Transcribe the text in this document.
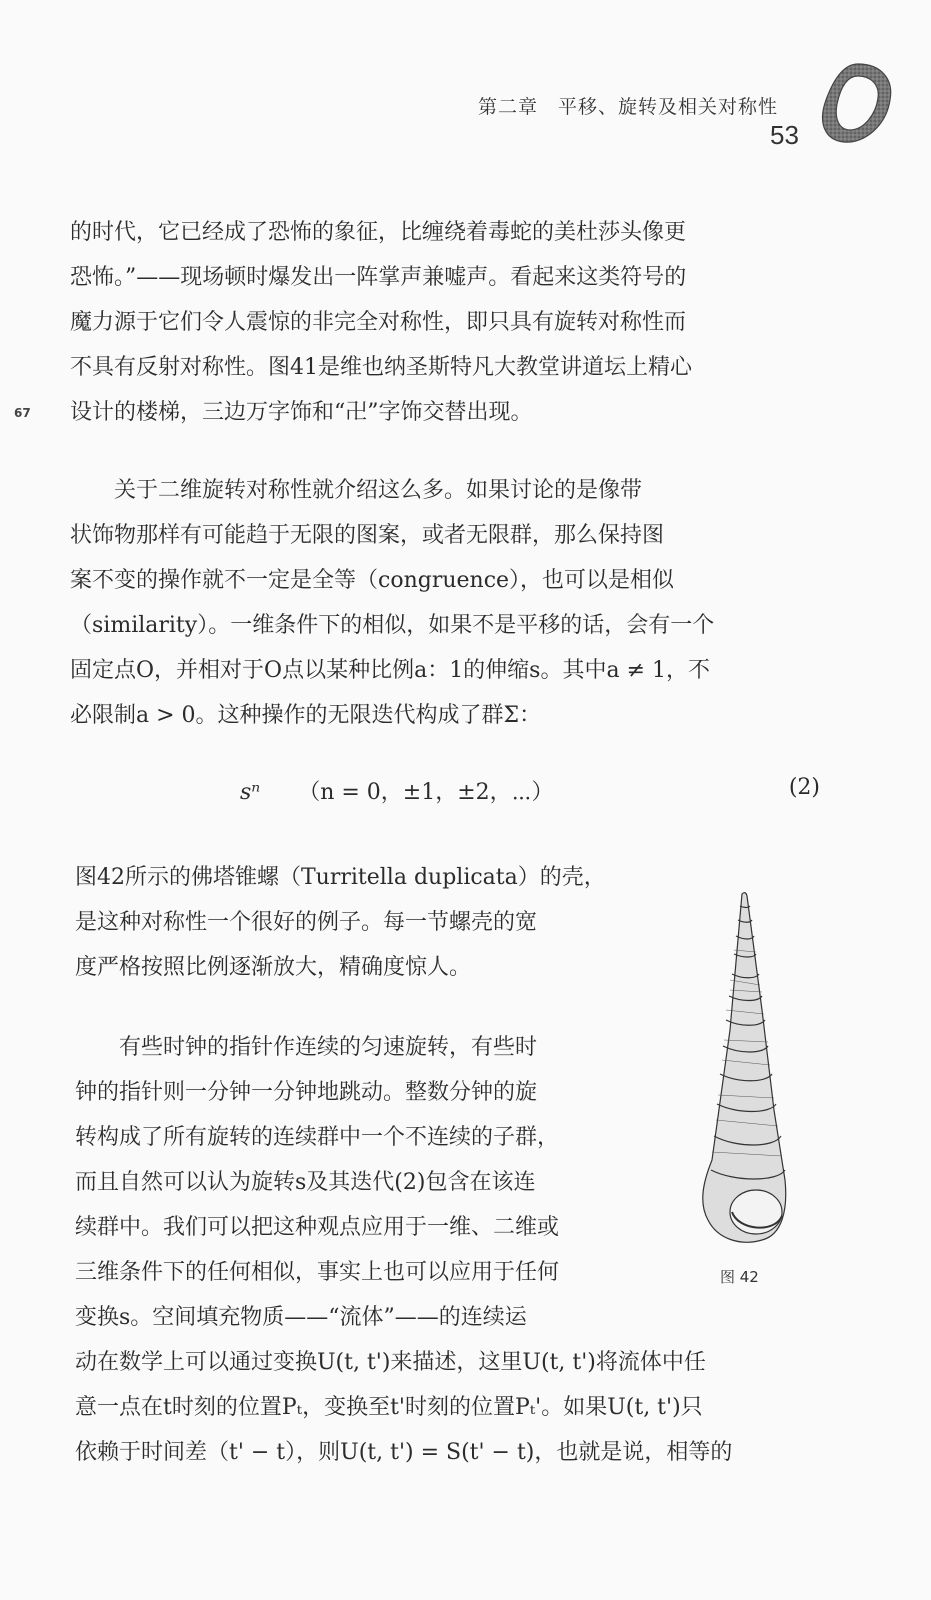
第二章　平移、旋转及相关对称性
53
67
的时代，它已经成了恐怖的象征，比缠绕着毒蛇的美杜莎头像更
恐怖。”——现场顿时爆发出一阵掌声兼嘘声。看起来这类符号的
魔力源于它们令人震惊的非完全对称性，即只具有旋转对称性而
不具有反射对称性。图41是维也纳圣斯特凡大教堂讲道坛上精心
设计的楼梯，三边万字饰和“卍”字饰交替出现。
　　关于二维旋转对称性就介绍这么多。如果讨论的是像带
状饰物那样有可能趋于无限的图案，或者无限群，那么保持图
案不变的操作就不一定是全等（congruence），也可以是相似
（similarity）。一维条件下的相似，如果不是平移的话，会有一个
固定点O，并相对于O点以某种比例a：1的伸缩s。其中a ≠ 1，不
必限制a > 0。这种操作的无限迭代构成了群Σ：
sⁿ （n = 0，±1，±2，⋯）	(2)
图42所示的佛塔锥螺（Turritella duplicata）的壳，
是这种对称性一个很好的例子。每一节螺壳的宽
度严格按照比例逐渐放大，精确度惊人。
　　有些时钟的指针作连续的匀速旋转，有些时
钟的指针则一分钟一分钟地跳动。整数分钟的旋
转构成了所有旋转的连续群中一个不连续的子群，
而且自然可以认为旋转s及其迭代(2)包含在该连
续群中。我们可以把这种观点应用于一维、二维或
三维条件下的任何相似，事实上也可以应用于任何
变换s。空间填充物质——“流体”——的连续运
动在数学上可以通过变换U(t, t')来描述，这里U(t, t')将流体中任
意一点在t时刻的位置Pₜ，变换至t'时刻的位置Pₜ'。如果U(t, t')只
依赖于时间差（t' − t），则U(t, t') = S(t' − t)，也就是说，相等的
图 42
